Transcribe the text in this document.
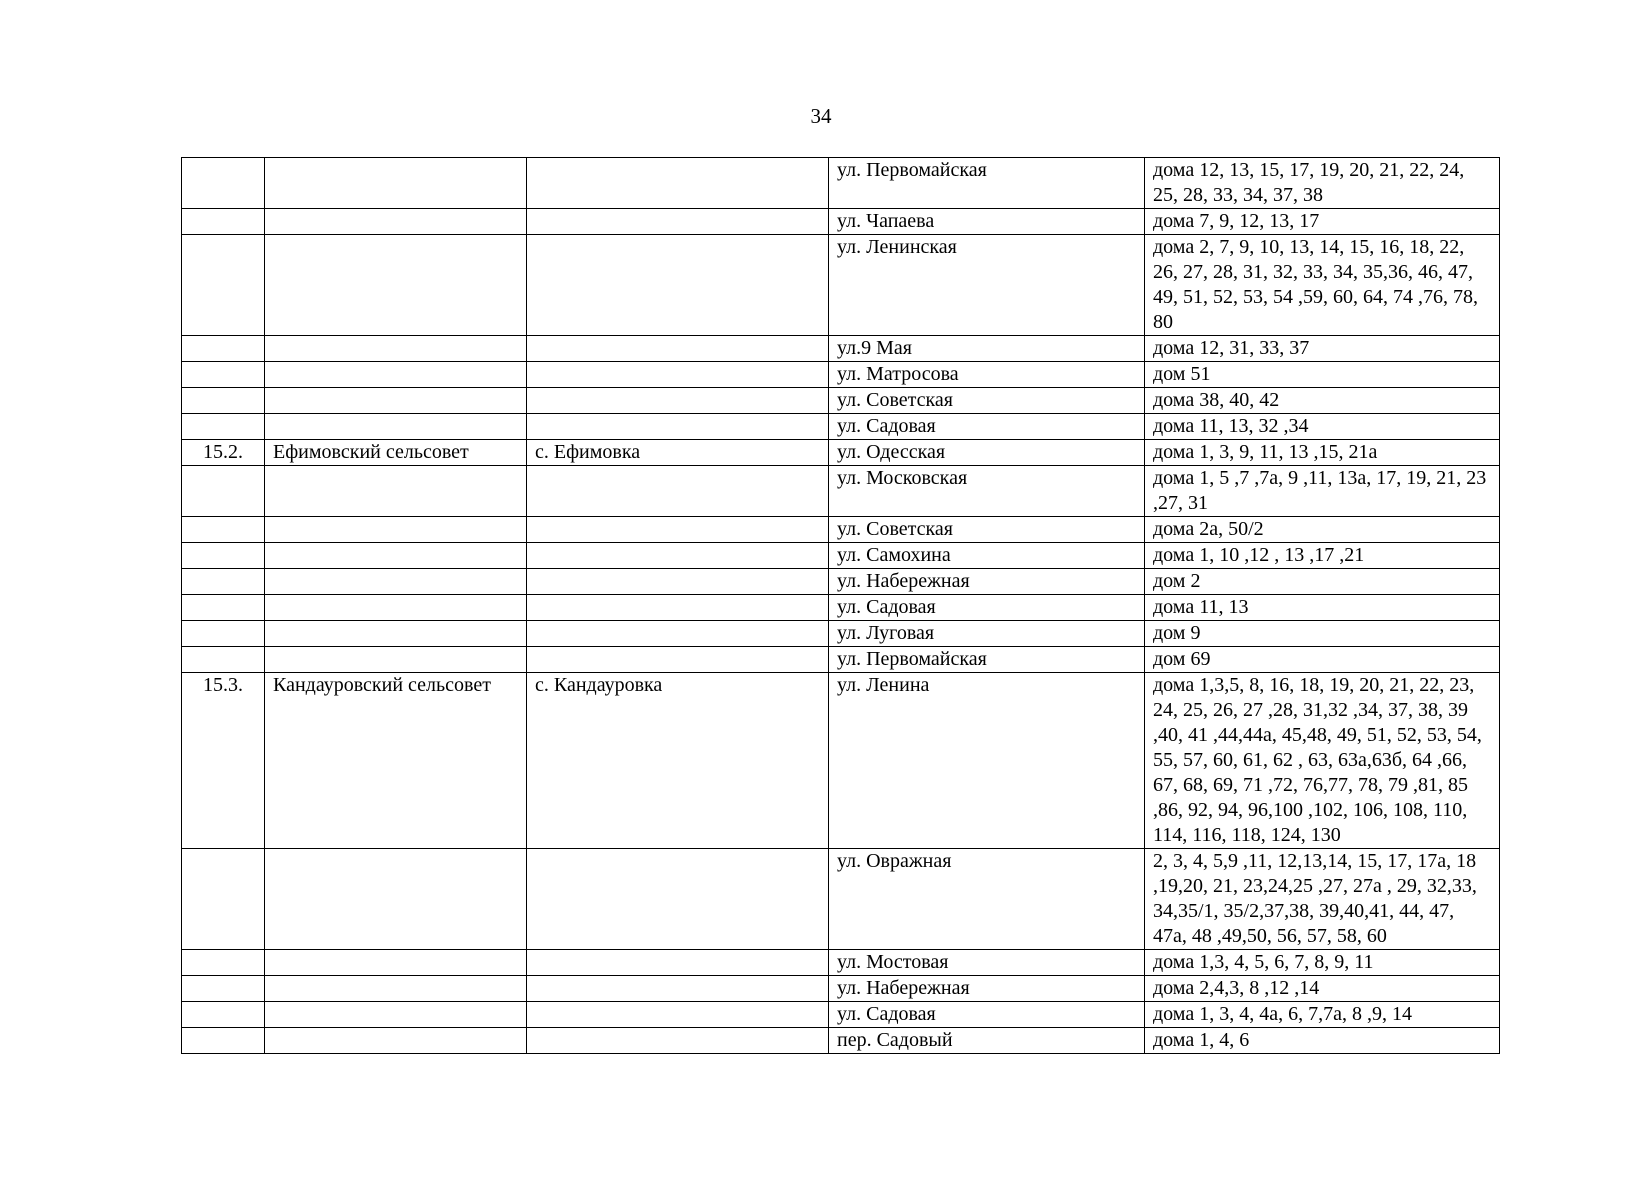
34
			ул. Первомайская	дома 12, 13, 15, 17, 19, 20, 21, 22, 24, 25, 28, 33, 34, 37, 38
			ул. Чапаева	дома 7, 9, 12, 13, 17
			ул. Ленинская	дома 2, 7, 9, 10, 13, 14, 15, 16, 18, 22, 26, 27, 28, 31, 32, 33, 34, 35,36, 46, 47, 49, 51, 52, 53, 54 ,59, 60, 64, 74 ,76, 78, 80
			ул.9 Мая	дома 12, 31, 33, 37
			ул. Матросова	дом 51
			ул. Советская	дома 38, 40, 42
			ул. Садовая	дома 11, 13, 32 ,34
15.2.	Ефимовский сельсовет	с. Ефимовка	ул. Одесская	дома 1, 3, 9, 11, 13 ,15, 21а
			ул. Московская	дома 1, 5 ,7 ,7а, 9 ,11, 13а, 17, 19, 21, 23 ,27, 31
			ул. Советская	дома 2а, 50/2
			ул. Самохина	дома 1, 10 ,12 , 13 ,17 ,21
			ул. Набережная	дом 2
			ул. Садовая	дома 11, 13
			ул. Луговая	дом 9
			ул. Первомайская	дом 69
15.3.	Кандауровский сельсовет	с. Кандауровка	ул. Ленина	дома 1,3,5, 8, 16, 18, 19, 20, 21, 22, 23, 24, 25, 26, 27 ,28, 31,32 ,34, 37, 38, 39 ,40, 41 ,44,44а, 45,48, 49, 51, 52, 53, 54, 55, 57, 60, 61, 62 , 63, 63а,63б, 64 ,66, 67, 68, 69, 71 ,72, 76,77, 78, 79 ,81, 85 ,86, 92, 94, 96,100 ,102, 106, 108, 110, 114, 116, 118, 124, 130
			ул. Овражная	2, 3, 4, 5,9 ,11, 12,13,14, 15, 17, 17а, 18 ,19,20, 21, 23,24,25 ,27, 27а , 29, 32,33, 34,35/1, 35/2,37,38, 39,40,41, 44, 47, 47а, 48 ,49,50, 56, 57, 58, 60
			ул. Мостовая	дома 1,3, 4, 5, 6, 7, 8, 9, 11
			ул. Набережная	дома 2,4,3, 8 ,12 ,14
			ул. Садовая	дома 1, 3, 4, 4а, 6, 7,7а, 8 ,9, 14
			пер. Садовый	дома 1, 4, 6
